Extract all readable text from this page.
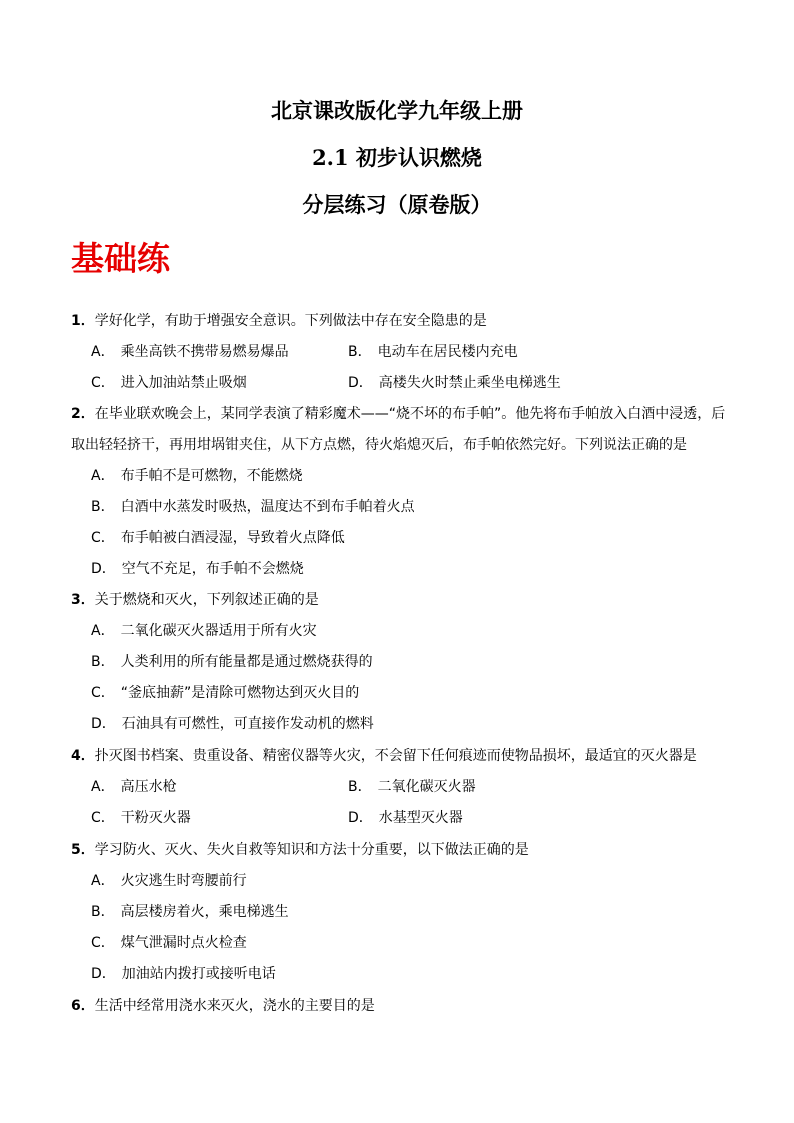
北京课改版化学九年级上册
2.1 初步认识燃烧
分层练习（原卷版）
基础练
1．学好化学，有助于增强安全意识。下列做法中存在安全隐患的是
A． 乘坐高铁不携带易燃易爆品	B． 电动车在居民楼内充电
C． 进入加油站禁止吸烟	D． 高楼失火时禁止乘坐电梯逃生
2．在毕业联欢晚会上，某同学表演了精彩魔术——“烧不坏的布手帕”。他先将布手帕放入白酒中浸透，后
取出轻轻挤干，再用坩埚钳夹住，从下方点燃，待火焰熄灭后，布手帕依然完好。下列说法正确的是
A． 布手帕不是可燃物，不能燃烧
B． 白酒中水蒸发时吸热，温度达不到布手帕着火点
C． 布手帕被白酒浸湿，导致着火点降低
D． 空气不充足，布手帕不会燃烧
3．关于燃烧和灭火，下列叙述正确的是
A． 二氧化碳灭火器适用于所有火灾
B． 人类利用的所有能量都是通过燃烧获得的
C． “釜底抽薪”是清除可燃物达到灭火目的
D． 石油具有可燃性，可直接作发动机的燃料
4．扑灭图书档案、贵重设备、精密仪器等火灾，不会留下任何痕迹而使物品损坏，最适宜的灭火器是
A． 高压水枪	B． 二氧化碳灭火器
C． 干粉灭火器	D． 水基型灭火器
5．学习防火、灭火、失火自救等知识和方法十分重要，以下做法正确的是
A． 火灾逃生时弯腰前行
B． 高层楼房着火，乘电梯逃生
C． 煤气泄漏时点火检查
D． 加油站内拨打或接听电话
6．生活中经常用浇水来灭火，浇水的主要目的是
